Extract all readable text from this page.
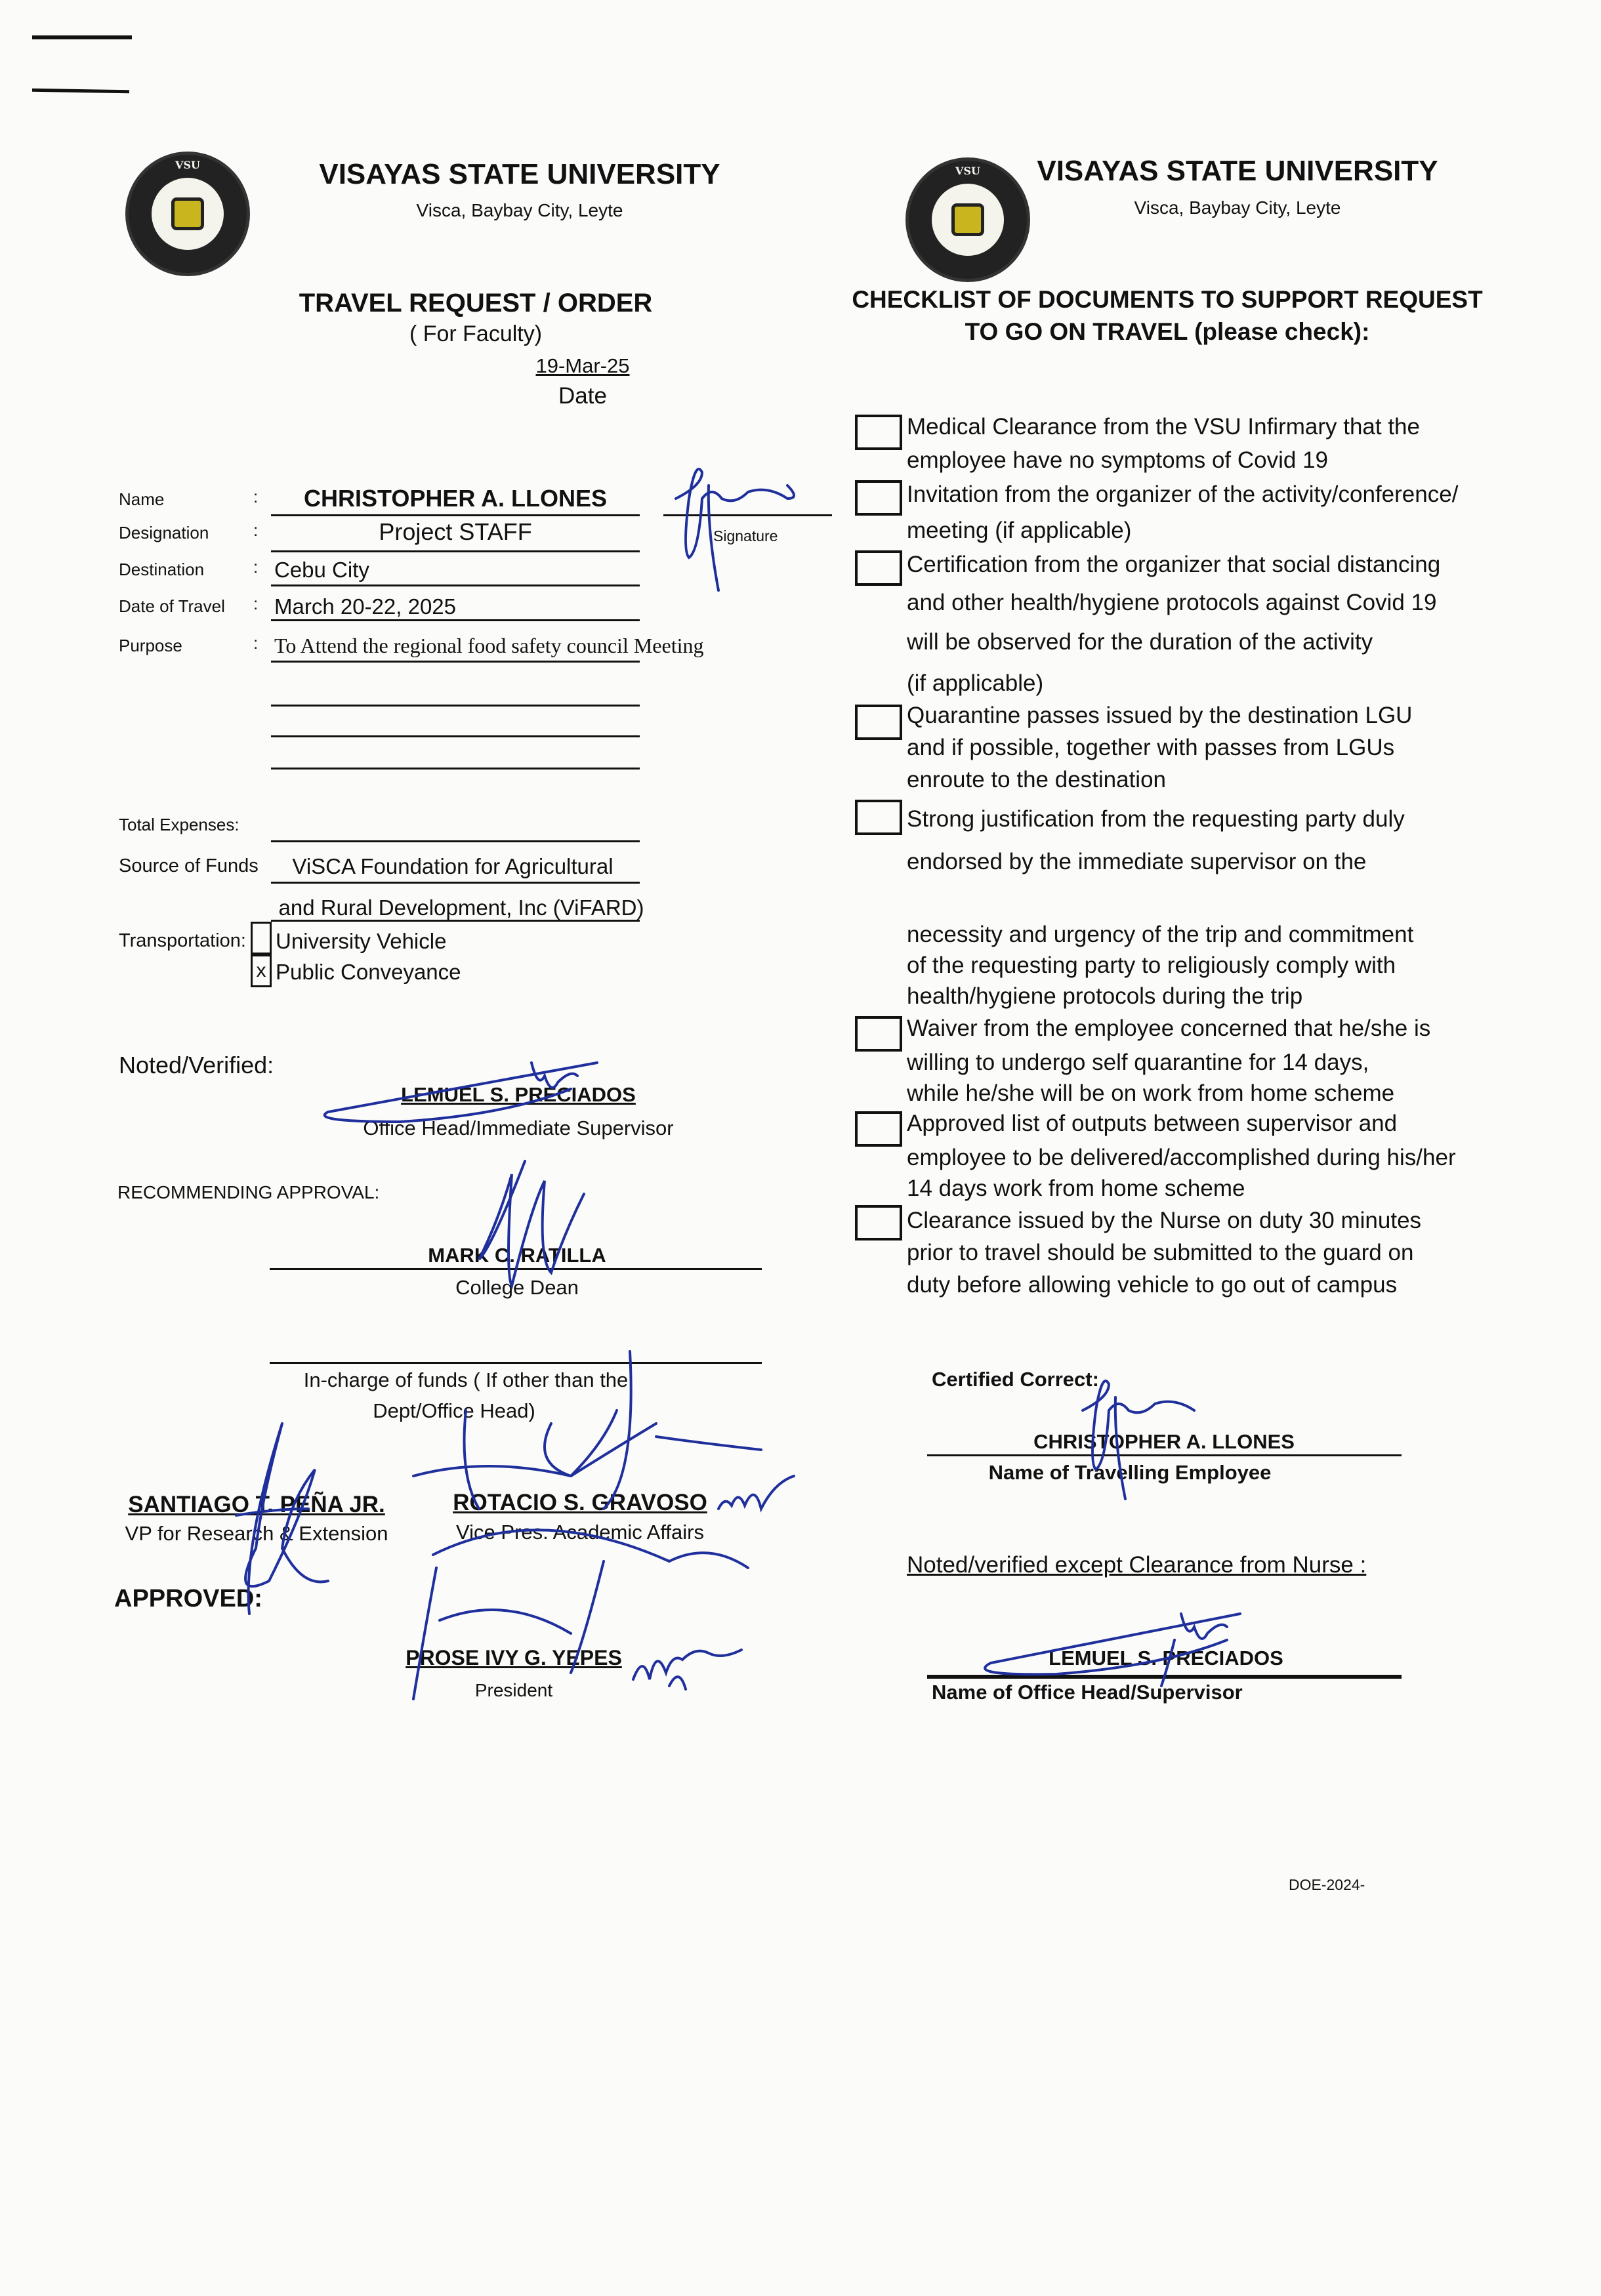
VSU	VISAYAS STATE UNIVERSITY
Visca, Baybay City, Leyte
TRAVEL REQUEST / ORDER
( For Faculty)
19-Mar-25
Date
VSU	VISAYAS STATE UNIVERSITY
Visca, Baybay City, Leyte
CHECKLIST OF DOCUMENTS TO SUPPORT REQUEST
TO GO ON TRAVEL (please check):
Name	: CHRISTOPHER A. LLONES
Designation	:	Project STAFF
Destination	: Cebu City
Date of Travel : March 20-22, 2025
Purpose	: To Attend the regional food safety council Meeting
Signature
Total Expenses:
Source of Funds ViSCA Foundation for Agricultural
and Rural Development, Inc (ViFARD)
Transportation: University Vehicle
x Public Conveyance
Noted/Verified:
LEMUEL S. PRECIADOS
Office Head/Immediate Supervisor
RECOMMENDING APPROVAL:
MARK C. RATILLA
College Dean
In-charge of funds ( If other than the
Dept/Office Head)
SANTIAGO T. PEÑA JR.
VP for Research & Extension
ROTACIO S. GRAVOSO
Vice Pres. Academic Affairs
APPROVED:
PROSE IVY G. YEPES
President
Medical Clearance from the VSU Infirmary that the
employee have no symptoms of Covid 19
Invitation from the organizer of the activity/conference/
meeting (if applicable)
Certification from the organizer that social distancing
and other health/hygiene protocols against Covid 19
will be observed for the duration of the activity
(if applicable)
Quarantine passes issued by the destination LGU
and if possible, together with passes from LGUs
enroute to the destination
Strong justification from the requesting party duly
endorsed by the immediate supervisor on the
necessity and urgency of the trip and commitment
of the requesting party to religiously comply with
health/hygiene protocols during the trip
Waiver from the employee concerned that he/she is
willing to undergo self quarantine for 14 days,
while he/she will be on work from home scheme
Approved list of outputs between supervisor and
employee to be delivered/accomplished during his/her
14 days work from home scheme
Clearance issued by the Nurse on duty 30 minutes
prior to travel should be submitted to the guard on
duty before allowing vehicle to go out of campus
Certified Correct:
CHRISTOPHER A. LLONES
Name of Travelling Employee
Noted/verified except Clearance from Nurse :
LEMUEL S. PRECIADOS
Name of Office Head/Supervisor
DOE-2024-
